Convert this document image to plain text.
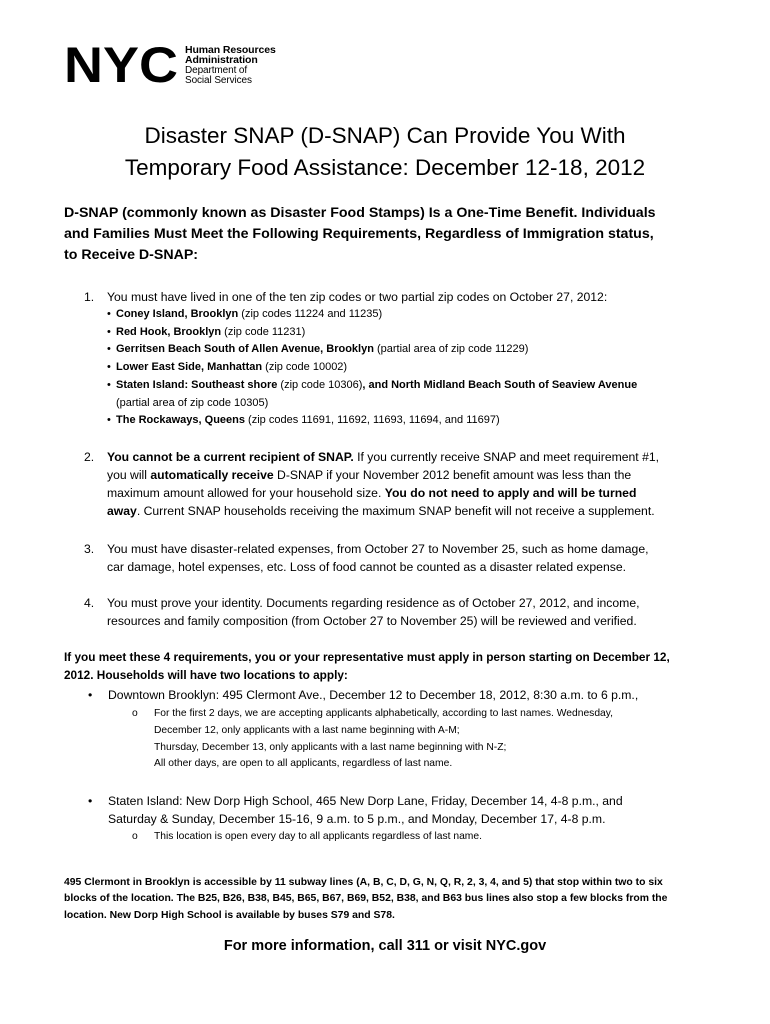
NYC Human Resources
Administration
Department of
Social Services
Disaster SNAP (D-SNAP) Can Provide You With
Temporary Food Assistance: December 12-18, 2012
D-SNAP (commonly known as Disaster Food Stamps) Is a One-Time Benefit. Individuals
and Families Must Meet the Following Requirements, Regardless of Immigration status,
to Receive D-SNAP:
1. You must have lived in one of the ten zip codes or two partial zip codes on October 27, 2012:
• Coney Island, Brooklyn (zip codes 11224 and 11235)
• Red Hook, Brooklyn (zip code 11231)
• Gerritsen Beach South of Allen Avenue, Brooklyn (partial area of zip code 11229)
• Lower East Side, Manhattan (zip code 10002)
• Staten Island: Southeast shore (zip code 10306), and North Midland Beach South of Seaview Avenue
(partial area of zip code 10305)
• The Rockaways, Queens (zip codes 11691, 11692, 11693, 11694, and 11697)
2. You cannot be a current recipient of SNAP. If you currently receive SNAP and meet requirement #1,
you will automatically receive D-SNAP if your November 2012 benefit amount was less than the
maximum amount allowed for your household size. You do not need to apply and will be turned
away. Current SNAP households receiving the maximum SNAP benefit will not receive a supplement.
3. You must have disaster-related expenses, from October 27 to November 25, such as home damage,
car damage, hotel expenses, etc. Loss of food cannot be counted as a disaster related expense.
4. You must prove your identity. Documents regarding residence as of October 27, 2012, and income,
resources and family composition (from October 27 to November 25) will be reviewed and verified.
If you meet these 4 requirements, you or your representative must apply in person starting on December 12,
2012. Households will have two locations to apply:
• Downtown Brooklyn: 495 Clermont Ave., December 12 to December 18, 2012, 8:30 a.m. to 6 p.m.,
o For the first 2 days, we are accepting applicants alphabetically, according to last names. Wednesday,
December 12, only applicants with a last name beginning with A-M;
Thursday, December 13, only applicants with a last name beginning with N-Z;
All other days, are open to all applicants, regardless of last name.
• Staten Island: New Dorp High School, 465 New Dorp Lane, Friday, December 14, 4-8 p.m., and
Saturday & Sunday, December 15-16, 9 a.m. to 5 p.m., and Monday, December 17, 4-8 p.m.
o This location is open every day to all applicants regardless of last name.
495 Clermont in Brooklyn is accessible by 11 subway lines (A, B, C, D, G, N, Q, R, 2, 3, 4, and 5) that stop within two to six
blocks of the location. The B25, B26, B38, B45, B65, B67, B69, B52, B38, and B63 bus lines also stop a few blocks from the
location. New Dorp High School is available by buses S79 and S78.
For more information, call 311 or visit NYC.gov
